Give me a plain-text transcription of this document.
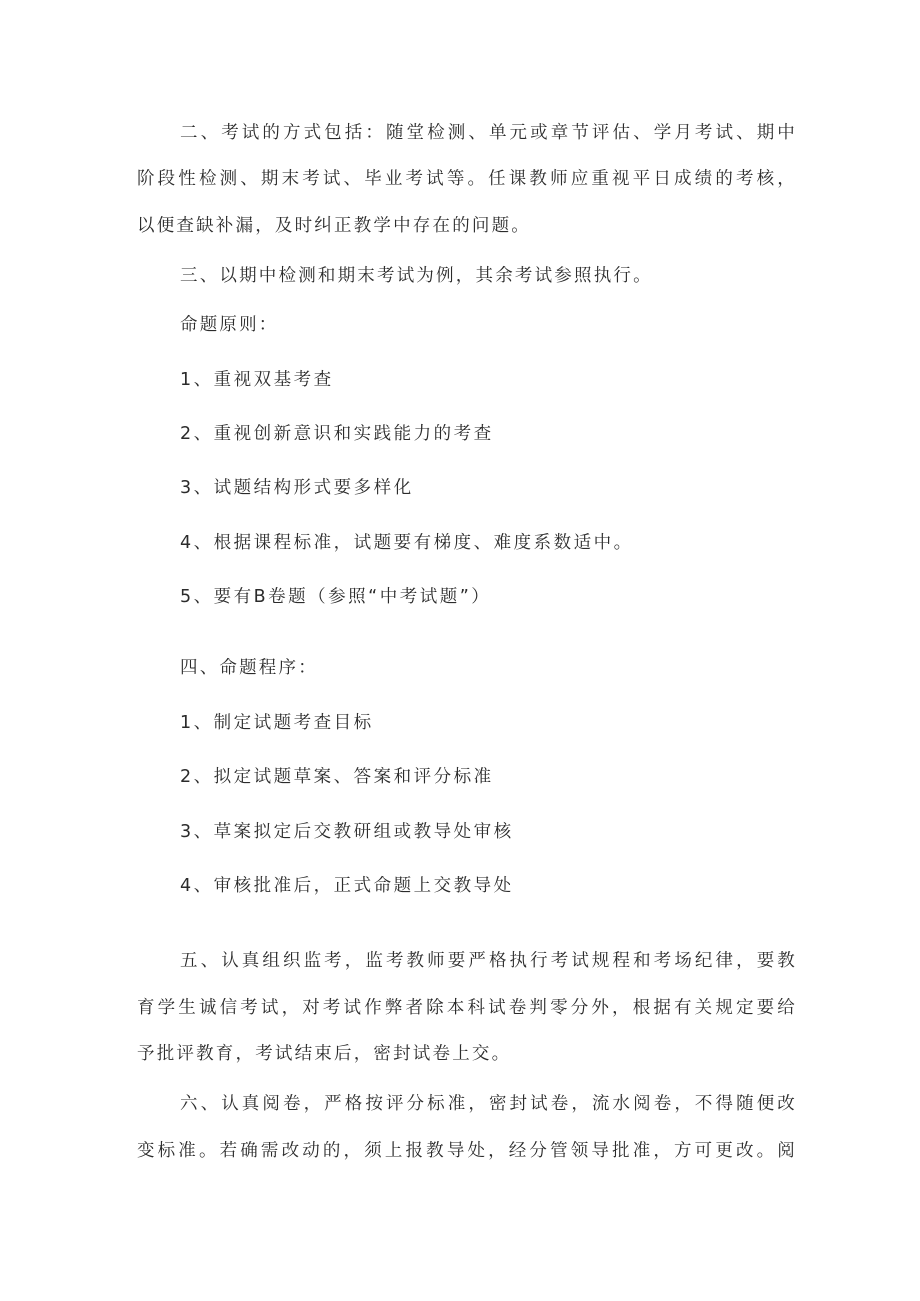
二、考试的方式包括：随堂检测、单元或章节评估、学月考试、期中
阶段性检测、期末考试、毕业考试等。任课教师应重视平日成绩的考核，
以便查缺补漏，及时纠正教学中存在的问题。
三、以期中检测和期末考试为例，其余考试参照执行。
命题原则：
1、重视双基考查
2、重视创新意识和实践能力的考查
3、试题结构形式要多样化
4、根据课程标准，试题要有梯度、难度系数适中。
5、要有B卷题（参照“中考试题”）
四、命题程序：
1、制定试题考查目标
2、拟定试题草案、答案和评分标准
3、草案拟定后交教研组或教导处审核
4、审核批准后，正式命题上交教导处
五、认真组织监考，监考教师要严格执行考试规程和考场纪律，要教
育学生诚信考试，对考试作弊者除本科试卷判零分外，根据有关规定要给
予批评教育，考试结束后，密封试卷上交。
六、认真阅卷，严格按评分标准，密封试卷，流水阅卷，不得随便改
变标准。若确需改动的，须上报教导处，经分管领导批准，方可更改。阅
